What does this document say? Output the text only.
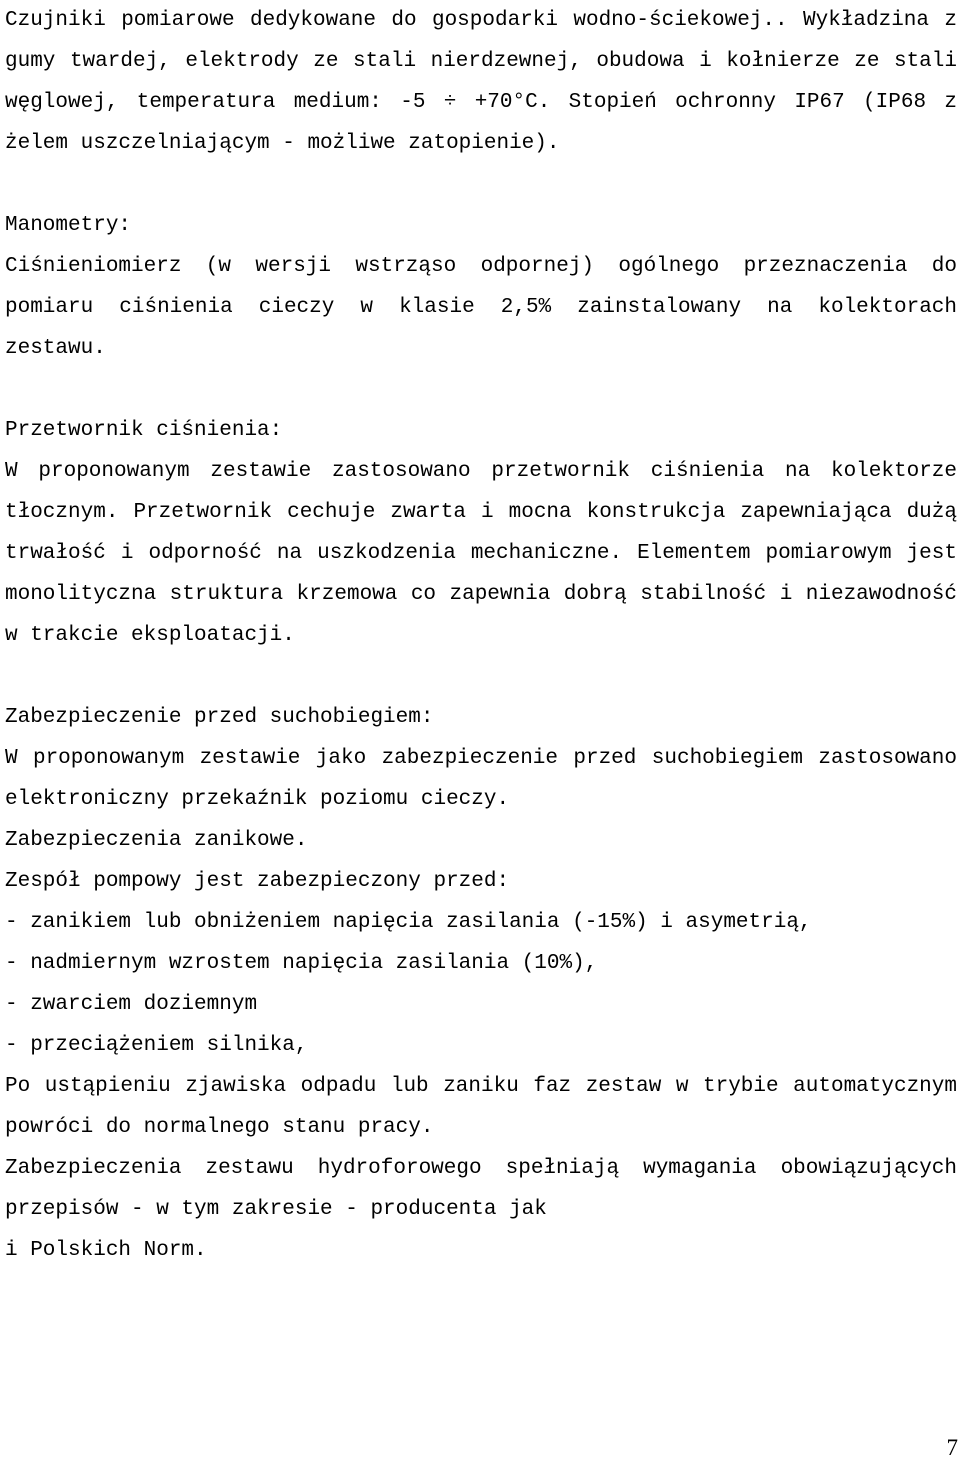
Czujniki pomiarowe dedykowane do gospodarki wodno-ściekowej.. Wykładzina z gumy twardej, elektrody ze stali nierdzewnej, obudowa i kołnierze ze stali węglowej, temperatura medium: -5 ÷ +70°C. Stopień ochronny IP67 (IP68 z żelem uszczelniającym - możliwe zatopienie).

Manometry:

Ciśnieniomierz (w wersji wstrząso odpornej) ogólnego przeznaczenia do pomiaru ciśnienia cieczy w klasie 2,5% zainstalowany na kolektorach zestawu.

Przetwornik ciśnienia:

W proponowanym zestawie zastosowano przetwornik ciśnienia na kolektorze tłocznym. Przetwornik cechuje zwarta i mocna konstrukcja zapewniająca dużą trwałość i odporność na uszkodzenia mechaniczne. Elementem pomiarowym jest monolityczna struktura krzemowa co zapewnia dobrą stabilność i niezawodność w trakcie eksploatacji.

Zabezpieczenie przed suchobiegiem:

W proponowanym zestawie jako zabezpieczenie przed suchobiegiem zastosowano elektroniczny przekaźnik poziomu cieczy.

Zabezpieczenia zanikowe.

Zespół pompowy jest zabezpieczony przed:

- zanikiem lub obniżeniem napięcia zasilania (-15%) i asymetrią,
- nadmiernym wzrostem napięcia zasilania (10%),
- zwarciem doziemnym
- przeciążeniem silnika,

Po ustąpieniu zjawiska odpadu lub zaniku faz zestaw w trybie automatycznym powróci do normalnego stanu pracy.

Zabezpieczenia zestawu hydroforowego spełniają wymagania obowiązujących przepisów - w tym zakresie - producenta jak

i Polskich Norm.

7
